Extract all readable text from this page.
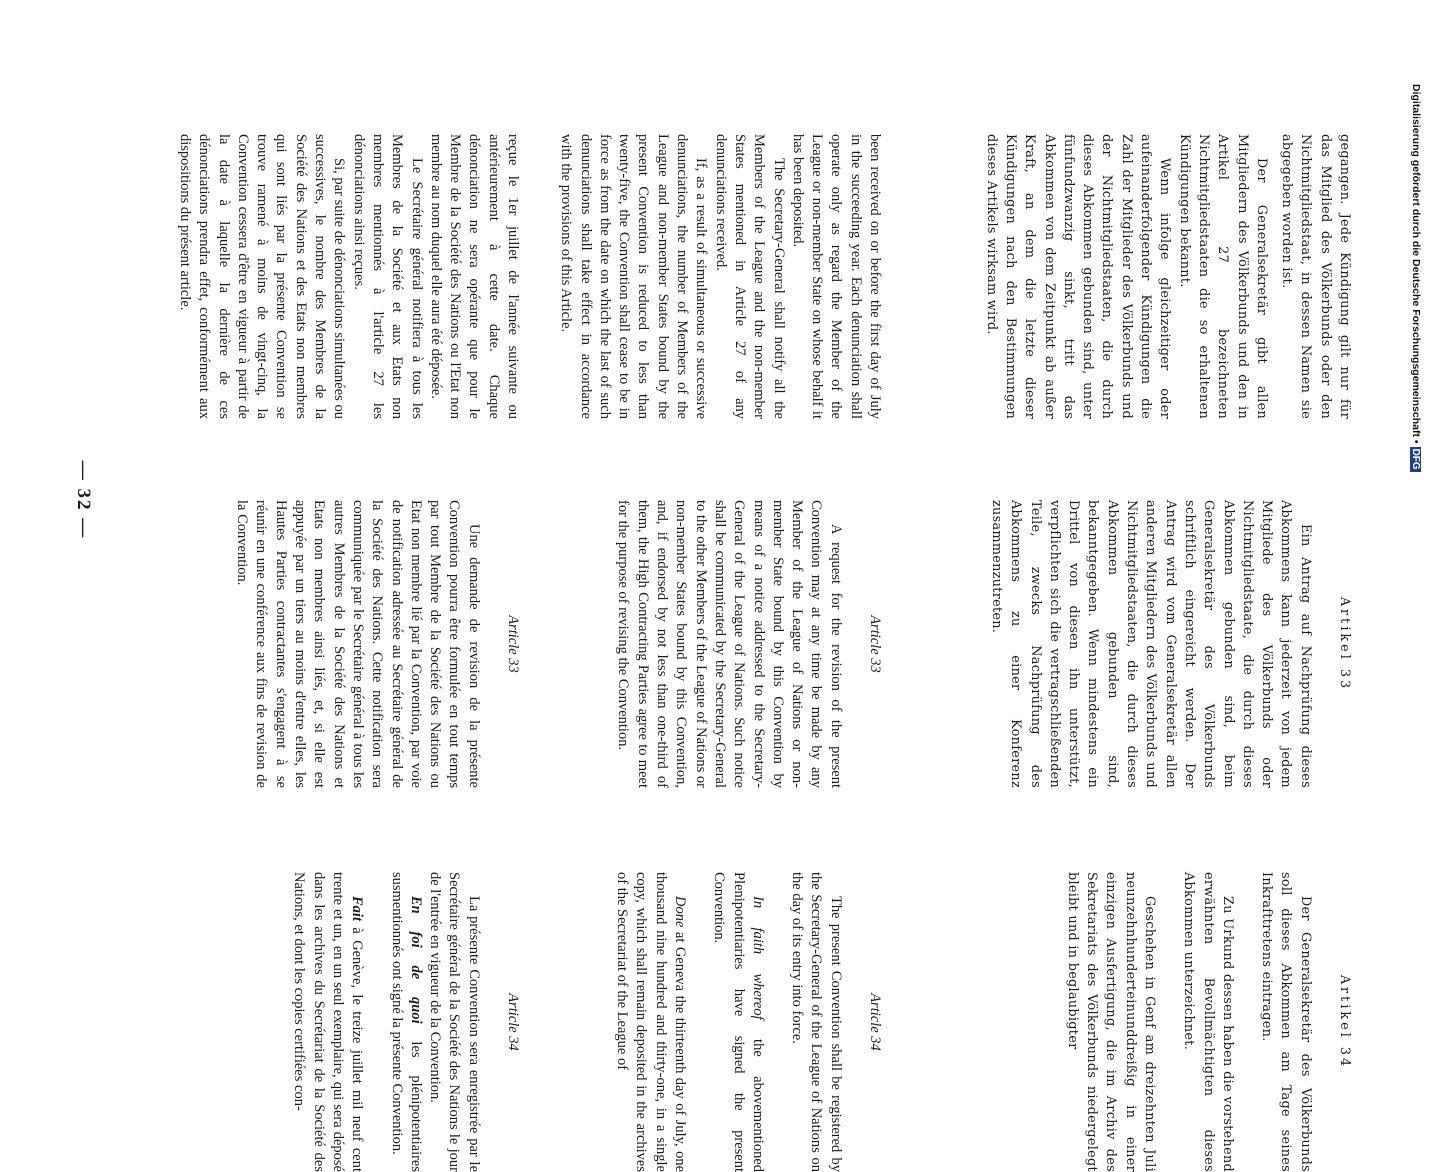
Digitalisierung gefördert durch die Deutsche Forschungsgemeinschaft •DFG

gegangen. Jede Kündigung gilt nur für das Mitglied des Völkerbunds oder den Nichtmitgliedstaat, in dessen Namen sie abgegeben worden ist.

Der Generalsekretär gibt allen Mitgliedern des Völkerbunds und den in Artikel 27 bezeichneten Nichtmitgliedstaaten die so erhaltenen Kündigungen bekannt.

Wenn infolge gleichzeitiger oder aufeinanderfolgender Kündigungen die Zahl der Mitglieder des Völkerbunds und der Nichtmitgliedstaaten, die durch dieses Abkommen gebunden sind, unter fünfundzwanzig sinkt, tritt das Abkommen von dem Zeitpunkt ab außer Kraft, an dem die letzte dieser Kündigungen nach den Bestimmungen dieses Artikels wirksam wird.

Artikel 33

Ein Antrag auf Nachprüfung dieses Abkommens kann jederzeit von jedem Mitgliede des Völkerbunds oder Nichtmitgliedstaate, die durch dieses Abkommen gebunden sind, beim Generalsekretär des Völkerbunds schriftlich eingereicht werden. Der Antrag wird vom Generalsekretär allen anderen Mitgliedern des Völkerbunds und Nichtmitgliedstaaten, die durch dieses Abkommen gebunden sind, bekanntgegeben. Wenn mindestens ein Drittel von diesen ihn unterstützt, verpflichten sich die vertragschließenden Teile, zwecks Nachprüfung des Abkommens zu einer Konferenz zusammenzutreten.

Artikel 34

Der Generalsekretär des Völkerbunds soll dieses Abkommen am Tage seines Inkrafttretens eintragen.

Zu Urkund dessen haben die vorstehend erwähnten Bevollmächtigten dieses Abkommen unterzeichnet.

Geschehen in Genf am dreizehnten Juli neunzehnhunderteinunddreißig in einer einzigen Ausfertigung, die im Archiv des Sekretariats des Völkerbunds niedergelegt bleibt und in beglaubigter

been received on or before the first day of July in the succeeding year. Each denunciation shall operate only as regard the Member of the League or non-member State on whose behalf it has been deposited.

The Secretary-General shall notify all the Members of the League and the non-member States mentioned in Article 27 of any denunciations received.

If, as a result of simultaneous or successive denunciations, the number of Members of the League and non-member States bound by the present Convention is reduced to less than twenty-five, the Convention shall cease to be in force as from the date on which the last of such denunciations shall take effect in accordance with the provisions of this Article.

Article 33

A request for the revision of the present Convention may at any time be made by any Member of the League of Nations or non-member State bound by this Convention by means of a notice addressed to the Secretary-General of the League of Nations. Such notice shall be communicated by the Secretary-General to the other Members of the League of Nations or non-member States bound by this Convention, and, if endorsed by not less than one-third of them, the High Contracting Parties agree to meet for the purpose of revising the Convention.

Article 34

The present Convention shall be registered by the Secretary-General of the League of Nations on the day of its entry into force.

In faith whereof the abovementioned Plenipotentiaries have signed the present Convention.

Done at Geneva the thirteenth day of July, one thousand nine hundred and thirty-one, in a single copy, which shall remain deposited in the archives of the Secretariat of the League of

reçue le 1er juillet de l'année suivante ou antérieurement à cette date. Chaque dénonciation ne sera opérante que pour le Membre de la Société des Nations ou l'Etat non membre au nom duquel elle aura été déposée.

Le Secrétaire général notifiera à tous les Membres de la Société et aux Etats non membres mentionnés à l'article 27 les dénonciations ainsi reçues.

Si, par suite de dénonciations simultanées ou successives, le nombre des Membres de la Société des Nations et des Etats non membres qui sont liés par la présente Convention se trouve ramené à moins de vingt-cinq, la Convention cessera d'être en vigueur à partir de la date à laquelle la dernière de ces dénonciations prendra effet, conformément aux dispositions du présent article.

Article 33

Une demande de revision de la présente Convention pourra être formulée en tout temps par tout Membre de la Société des Nations ou Etat non membre lié par la Convention, par voie de notification adressée au Secrétaire général de la Société des Nations. Cette notification sera communiquée par le Secrétaire général à tous les autres Membres de la Société des Nations et Etats non membres ainsi liés, et, si elle est appuyée par un tiers au moins d'entre elles, les Hautes Parties contractantes s'engagent à se réunir en une conférence aux fins de revision de la Convention.

Article 34

La présente Convention sera enregistrée par le Secrétaire général de la Société des Nations le jour de l'entrée en vigueur de la Convention.

En foi de quoi les plénipotentiaires susmentionnés ont signé la présente Convention.

Fait à Genève, le treize juillet mil neuf cent trente et un, en un seul exemplaire, qui sera déposé dans les archives du Secrétariat de la Société des Nations, et dont les copies certifiées con-

— 32 —
